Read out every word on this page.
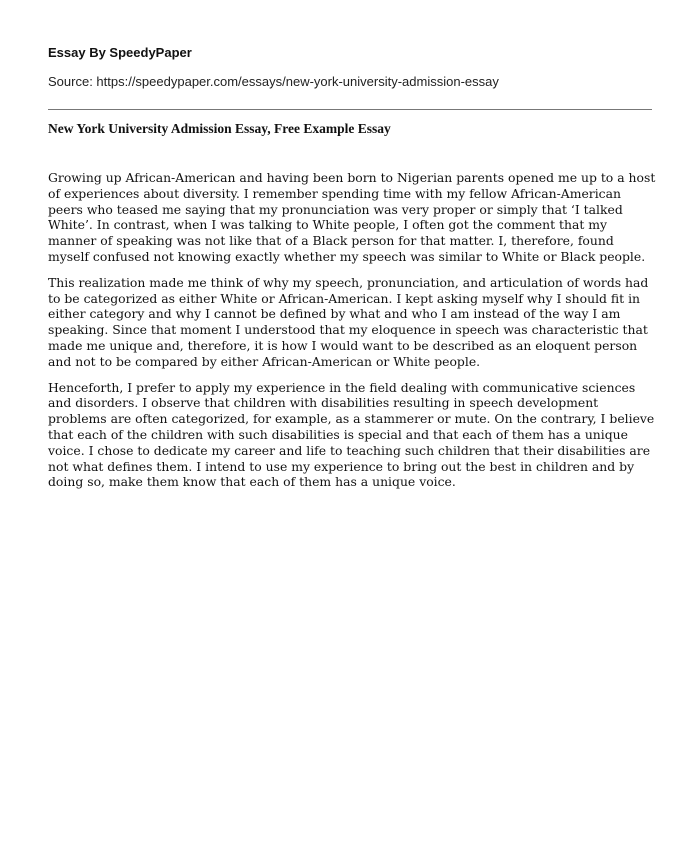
Essay By SpeedyPaper
Source: https://speedypaper.com/essays/new-york-university-admission-essay
New York University Admission Essay, Free Example Essay

Growing up African-American and having been born to Nigerian parents opened me up to a host of experiences about diversity. I remember spending time with my fellow African-American peers who teased me saying that my pronunciation was very proper or simply that ‘I talked White’. In contrast, when I was talking to White people, I often got the comment that my manner of speaking was not like that of a Black person for that matter. I, therefore, found myself confused not knowing exactly whether my speech was similar to White or Black people.

This realization made me think of why my speech, pronunciation, and articulation of words had to be categorized as either White or African-American. I kept asking myself why I should fit in either category and why I cannot be defined by what and who I am instead of the way I am speaking. Since that moment I understood that my eloquence in speech was characteristic that made me unique and, therefore, it is how I would want to be described as an eloquent person and not to be compared by either African-American or White people.

Henceforth, I prefer to apply my experience in the field dealing with communicative sciences and disorders. I observe that children with disabilities resulting in speech development problems are often categorized, for example, as a stammerer or mute. On the contrary, I believe that each of the children with such disabilities is special and that each of them has a unique voice. I chose to dedicate my career and life to teaching such children that their disabilities are not what defines them. I intend to use my experience to bring out the best in children and by doing so, make them know that each of them has a unique voice.
